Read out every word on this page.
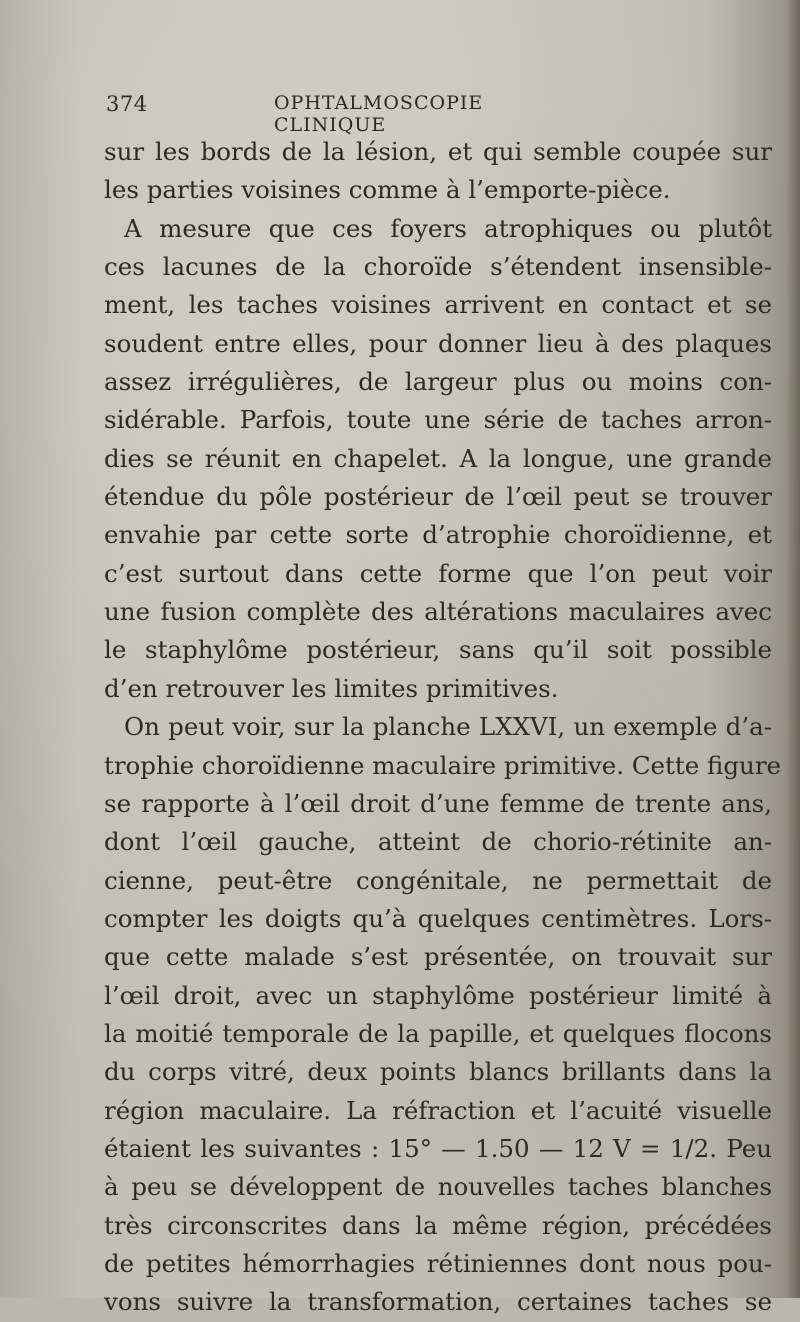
374	OPHTALMOSCOPIE CLINIQUE
sur les bords de la lésion, et qui semble coupée sur
les parties voisines comme à l’emporte-pièce.
A mesure que ces foyers atrophiques ou plutôt
ces lacunes de la choroïde s’étendent insensible-
ment, les taches voisines arrivent en contact et se
soudent entre elles, pour donner lieu à des plaques
assez irrégulières, de largeur plus ou moins con-
sidérable. Parfois, toute une série de taches arron-
dies se réunit en chapelet. A la longue, une grande
étendue du pôle postérieur de l’œil peut se trouver
envahie par cette sorte d’atrophie choroïdienne, et
c’est surtout dans cette forme que l’on peut voir
une fusion complète des altérations maculaires avec
le staphylôme postérieur, sans qu’il soit possible
d’en retrouver les limites primitives.
On peut voir, sur la planche LXXVI, un exemple d’a-
trophie choroïdienne maculaire primitive. Cette figure
se rapporte à l’œil droit d’une femme de trente ans,
dont l’œil gauche, atteint de chorio-rétinite an-
cienne, peut-être congénitale, ne permettait de
compter les doigts qu’à quelques centimètres. Lors-
que cette malade s’est présentée, on trouvait sur
l’œil droit, avec un staphylôme postérieur limité à
la moitié temporale de la papille, et quelques flocons
du corps vitré, deux points blancs brillants dans la
région maculaire. La réfraction et l’acuité visuelle
étaient les suivantes : 15° — 1.50 — 12 V = 1/2. Peu
à peu se développent de nouvelles taches blanches
très circonscrites dans la même région, précédées
de petites hémorrhagies rétiniennes dont nous pou-
vons suivre la transformation, certaines taches se
